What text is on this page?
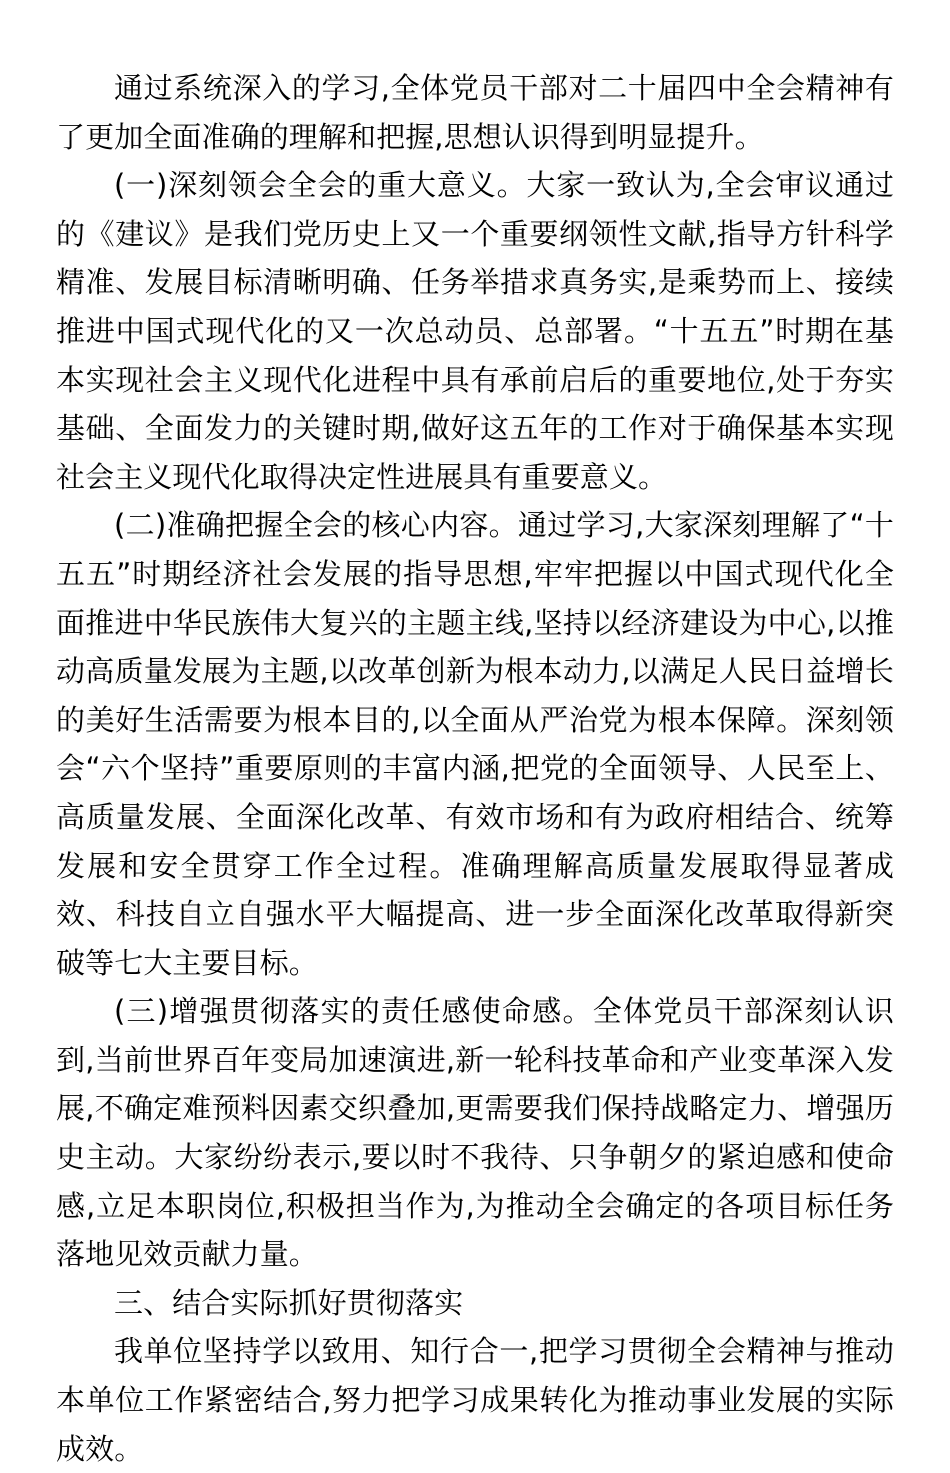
通过系统深入的学习,全体党员干部对二十届四中全会精神有了更加全面准确的理解和把握,思想认识得到明显提升。

(一)深刻领会全会的重大意义。大家一致认为,全会审议通过的《建议》是我们党历史上又一个重要纲领性文献,指导方针科学精准、发展目标清晰明确、任务举措求真务实,是乘势而上、接续推进中国式现代化的又一次总动员、总部署。“十五五”时期在基本实现社会主义现代化进程中具有承前启后的重要地位,处于夯实基础、全面发力的关键时期,做好这五年的工作对于确保基本实现社会主义现代化取得决定性进展具有重要意义。

(二)准确把握全会的核心内容。通过学习,大家深刻理解了“十五五”时期经济社会发展的指导思想,牢牢把握以中国式现代化全面推进中华民族伟大复兴的主题主线,坚持以经济建设为中心,以推动高质量发展为主题,以改革创新为根本动力,以满足人民日益增长的美好生活需要为根本目的,以全面从严治党为根本保障。深刻领会“六个坚持”重要原则的丰富内涵,把党的全面领导、人民至上、高质量发展、全面深化改革、有效市场和有为政府相结合、统筹发展和安全贯穿工作全过程。准确理解高质量发展取得显著成效、科技自立自强水平大幅提高、进一步全面深化改革取得新突破等七大主要目标。

(三)增强贯彻落实的责任感使命感。全体党员干部深刻认识到,当前世界百年变局加速演进,新一轮科技革命和产业变革深入发展,不确定难预料因素交织叠加,更需要我们保持战略定力、增强历史主动。大家纷纷表示,要以时不我待、只争朝夕的紧迫感和使命感,立足本职岗位,积极担当作为,为推动全会确定的各项目标任务落地见效贡献力量。

三、结合实际抓好贯彻落实

我单位坚持学以致用、知行合一,把学习贯彻全会精神与推动本单位工作紧密结合,努力把学习成果转化为推动事业发展的实际成效。
